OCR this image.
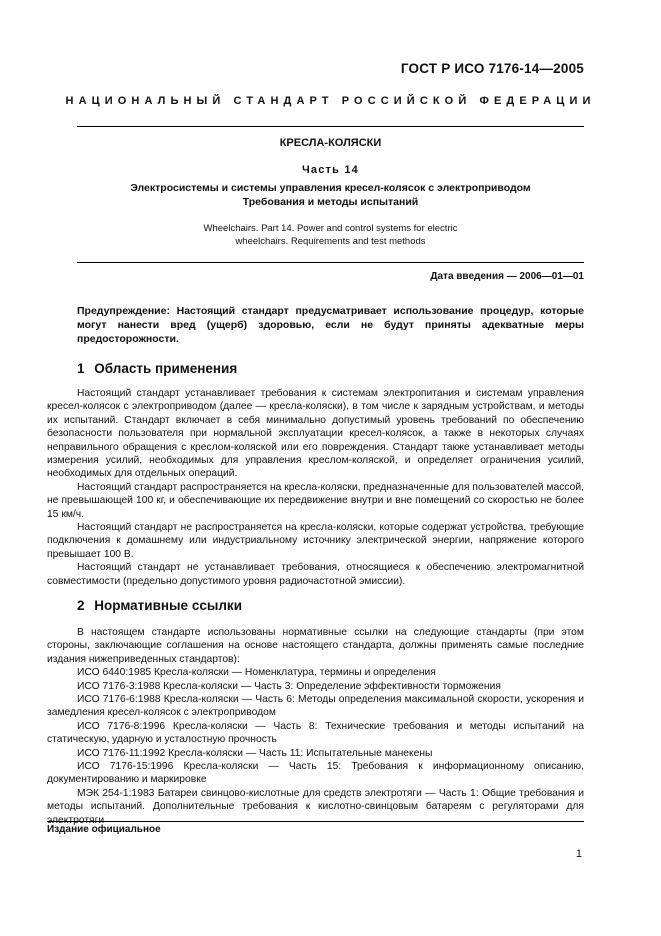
ГОСТ Р ИСО 7176-14—2005
НАЦИОНАЛЬНЫЙ СТАНДАРТ РОССИЙСКОЙ ФЕДЕРАЦИИ
КРЕСЛА-КОЛЯСКИ
Часть 14
Электросистемы и системы управления кресел-колясок с электроприводом
Требования и методы испытаний
Wheelchairs. Part 14. Power and control systems for electric
wheelchairs. Requirements and test methods
Дата введения — 2006—01—01

Предупреждение: Настоящий стандарт предусматривает использование процедур, которые могут нанести вред (ущерб) здоровью, если не будут приняты адекватные меры предосторожности.

1 Область применения

Настоящий стандарт устанавливает требования к системам электропитания и системам управления кресел-колясок с электроприводом (далее — кресла-коляски), в том числе к зарядным устройствам, и методы их испытаний. Стандарт включает в себя минимально допустимый уровень требований по обеспечению безопасности пользователя при нормальной эксплуатации кресел-колясок, а также в некоторых случаях неправильного обращения с креслом-коляской или его повреждения. Стандарт также устанавливает методы измерения усилий, необходимых для управления креслом-коляской, и определяет ограничения усилий, необходимых для отдельных операций.

Настоящий стандарт распространяется на кресла-коляски, предназначенные для пользователей массой, не превышающей 100 кг, и обеспечивающие их передвижение внутри и вне помещений со скоростью не более 15 км/ч.

Настоящий стандарт не распространяется на кресла-коляски, которые содержат устройства, требующие подключения к домашнему или индустриальному источнику электрической энергии, напряжение которого превышает 100 В.

Настоящий стандарт не устанавливает требования, относящиеся к обеспечению электромагнитной совместимости (предельно допустимого уровня радиочастотной эмиссии).

2 Нормативные ссылки

В настоящем стандарте использованы нормативные ссылки на следующие стандарты (при этом стороны, заключающие соглашения на основе настоящего стандарта, должны применять самые последние издания нижеприведенных стандартов):

ИСО 6440:1985 Кресла-коляски — Номенклатура, термины и определения

ИСО 7176-3:1988 Кресла-коляски — Часть 3: Определение эффективности торможения

ИСО 7176-6:1988 Кресла-коляски — Часть 6: Методы определения максимальной скорости, ускорения и замедления кресел-колясок с электроприводом

ИСО 7176-8:1996 Кресла-коляски — Часть 8: Технические требования и методы испытаний на статическую, ударную и усталостную прочность

ИСО 7176-11:1992 Кресла-коляски — Часть 11: Испытательные манекены

ИСО 7176-15:1996 Кресла-коляски — Часть 15: Требования к информационному описанию, документированию и маркировке

МЭК 254-1:1983 Батареи свинцово-кислотные для средств электротяги — Часть 1: Общие требования и методы испытаний. Дополнительные требования к кислотно-свинцовым батареям с регуляторами для электротяги

Издание официальное
1
